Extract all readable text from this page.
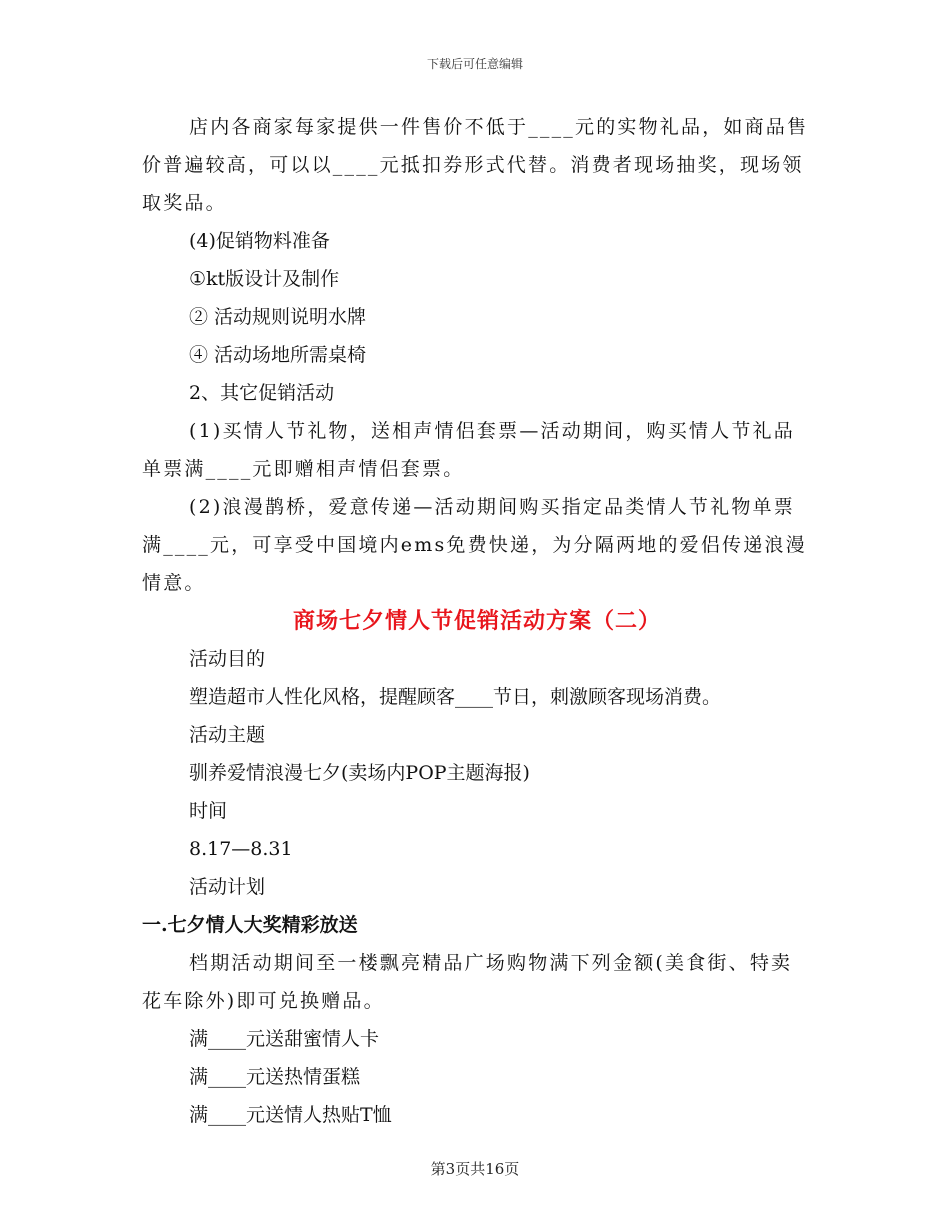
下载后可任意编辑

店内各商家每家提供一件售价不低于____元的实物礼品，如商品售价普遍较高，可以以____元抵扣券形式代替。消费者现场抽奖，现场领取奖品。

(4)促销物料准备

①kt版设计及制作

② 活动规则说明水牌

④ 活动场地所需桌椅

2、其它促销活动

(1)买情人节礼物，送相声情侣套票—活动期间，购买情人节礼品单票满____元即赠相声情侣套票。

(2)浪漫鹊桥，爱意传递—活动期间购买指定品类情人节礼物单票满____元，可享受中国境内ems免费快递，为分隔两地的爱侣传递浪漫情意。

商场七夕情人节促销活动方案（二）

活动目的

塑造超市人性化风格，提醒顾客____节日，刺激顾客现场消费。

活动主题

驯养爱情浪漫七夕(卖场内POP主题海报)

时间

8.17—8.31

活动计划

一.七夕情人大奖精彩放送

档期活动期间至一楼飘亮精品广场购物满下列金额(美食街、特卖花车除外)即可兑换赠品。

满____元送甜蜜情人卡

满____元送热情蛋糕

满____元送情人热贴T恤

第3页共16页
